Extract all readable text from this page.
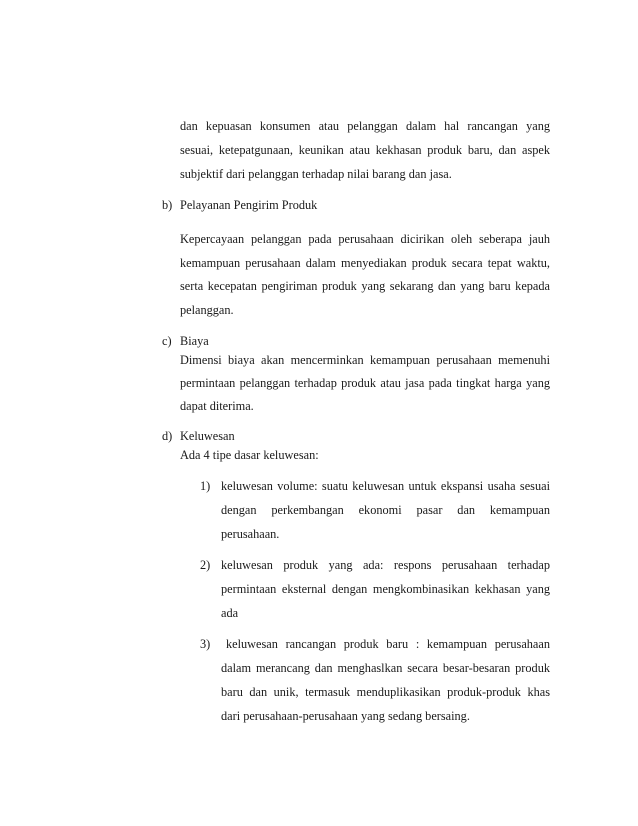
dan kepuasan konsumen atau pelanggan dalam hal rancangan yang
sesuai, ketepatgunaan, keunikan atau kekhasan produk baru, dan aspek
subjektif dari pelanggan terhadap nilai barang dan jasa.
b) Pelayanan Pengirim Produk
Kepercayaan pelanggan pada perusahaan dicirikan oleh seberapa jauh
kemampuan perusahaan dalam menyediakan produk secara tepat waktu,
serta kecepatan pengiriman produk yang sekarang dan yang baru kepada
pelanggan.
c) Biaya
Dimensi biaya akan mencerminkan kemampuan perusahaan memenuhi
permintaan pelanggan terhadap produk atau jasa pada tingkat harga yang
dapat diterima.
d) Keluwesan
Ada 4 tipe dasar keluwesan:
1) keluwesan volume: suatu keluwesan untuk ekspansi usaha sesuai
dengan perkembangan ekonomi pasar dan kemampuan
perusahaan.
2) keluwesan produk yang ada: respons perusahaan terhadap
permintaan eksternal dengan mengkombinasikan kekhasan yang
ada
3) keluwesan rancangan produk baru : kemampuan perusahaan
dalam merancang dan menghaslkan secara besar-besaran produk
baru dan unik, termasuk menduplikasikan produk-produk khas
dari perusahaan-perusahaan yang sedang bersaing.
